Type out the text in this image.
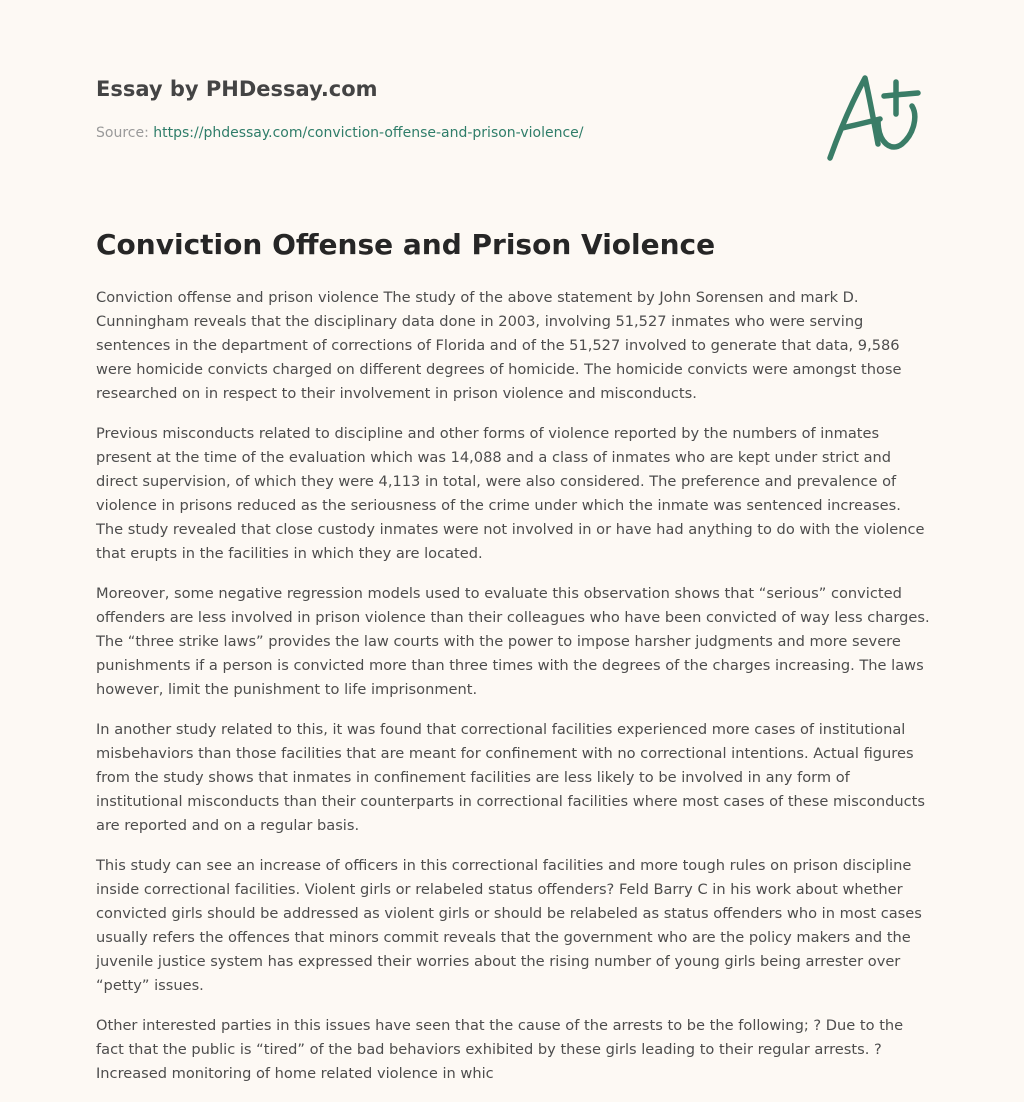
Essay by PHDessay.com
Source: https://phdessay.com/conviction-offense-and-prison-violence/
Conviction Offense and Prison Violence

Conviction offense and prison violence The study of the above statement by John Sorensen and mark D. Cunningham reveals that the disciplinary data done in 2003, involving 51,527 inmates who were serving sentences in the department of corrections of Florida and of the 51,527 involved to generate that data, 9,586 were homicide convicts charged on different degrees of homicide. The homicide convicts were amongst those researched on in respect to their involvement in prison violence and misconducts.

Previous misconducts related to discipline and other forms of violence reported by the numbers of inmates present at the time of the evaluation which was 14,088 and a class of inmates who are kept under strict and direct supervision, of which they were 4,113 in total, were also considered. The preference and prevalence of violence in prisons reduced as the seriousness of the crime under which the inmate was sentenced increases. The study revealed that close custody inmates were not involved in or have had anything to do with the violence that erupts in the facilities in which they are located.

Moreover, some negative regression models used to evaluate this observation shows that “serious” convicted offenders are less involved in prison violence than their colleagues who have been convicted of way less charges. The “three strike laws” provides the law courts with the power to impose harsher judgments and more severe punishments if a person is convicted more than three times with the degrees of the charges increasing. The laws however, limit the punishment to life imprisonment.

In another study related to this, it was found that correctional facilities experienced more cases of institutional misbehaviors than those facilities that are meant for confinement with no correctional intentions. Actual figures from the study shows that inmates in confinement facilities are less likely to be involved in any form of institutional misconducts than their counterparts in correctional facilities where most cases of these misconducts are reported and on a regular basis.

This study can see an increase of officers in this correctional facilities and more tough rules on prison discipline inside correctional facilities. Violent girls or relabeled status offenders? Feld Barry C in his work about whether convicted girls should be addressed as violent girls or should be relabeled as status offenders who in most cases usually refers the offences that minors commit reveals that the government who are the policy makers and the juvenile justice system has expressed their worries about the rising number of young girls being arrester over “petty” issues.

Other interested parties in this issues have seen that the cause of the arrests to be the following; ? Due to the fact that the public is “tired” of the bad behaviors exhibited by these girls leading to their regular arrests. ? Increased monitoring of home related violence in whic
